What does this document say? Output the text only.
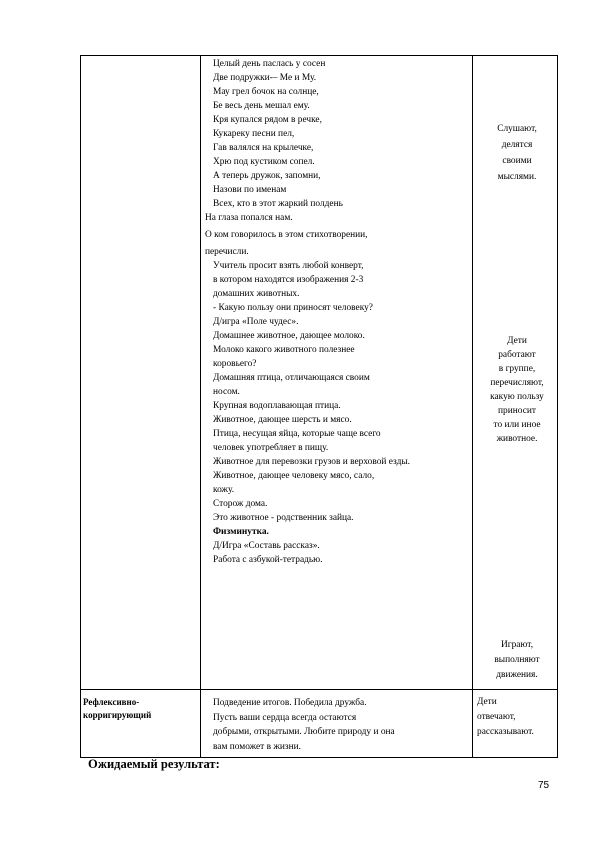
Целый день паслась у сосен

Две подружки-– Ме и Му.

Мау грел бочок на солнце,

Бе весь день мешал ему.

Кря купался рядом в речке,

Кукареку песни пел,

Гав валялся на крылечке,

Хрю под кустиком сопел.

А теперь дружок, запомни,

Назови по именам

Всех, кто в этот жаркий полдень

На глаза попался нам.

О ком говорилось в этом стихотворении,

перечисли.

Учитель просит взять любой конверт,

в котором находятся изображения 2-3

домашних животных.

- Какую пользу они приносят человеку?

Д/игра «Поле чудес».

Домашнее животное, дающее молоко.

Молоко какого животного полезнее

коровьего?

Домашняя птица, отличающаяся своим

носом.

Крупная водоплавающая птица.

Животное, дающее шерсть и мясо.

Птица, несущая яйца, которые чаще всего

человек употребляет в пищу.

Животное для перевозки грузов и верховой езды.

Животное, дающее человеку мясо, сало,

кожу.

Сторож дома.

Это животное - родственник зайца.

Физминутка.

Д/Игра «Составь рассказ».

Работа с азбукой-тетрадью.

Слушают,

делятся

своими

мыслями.

Дети

работают

в группе,

перечисляют,

какую пользу

приносит

то или иное

животное.

Играют,

выполняют

движения.

Рефлексивно-

корригирующий

Подведение итогов. Победила дружба.

Пусть ваши сердца всегда остаются

добрыми, открытыми. Любите природу и она

вам поможет в жизни.

Дети

отвечают,

рассказывают.

Ожидаемый результат:
75
